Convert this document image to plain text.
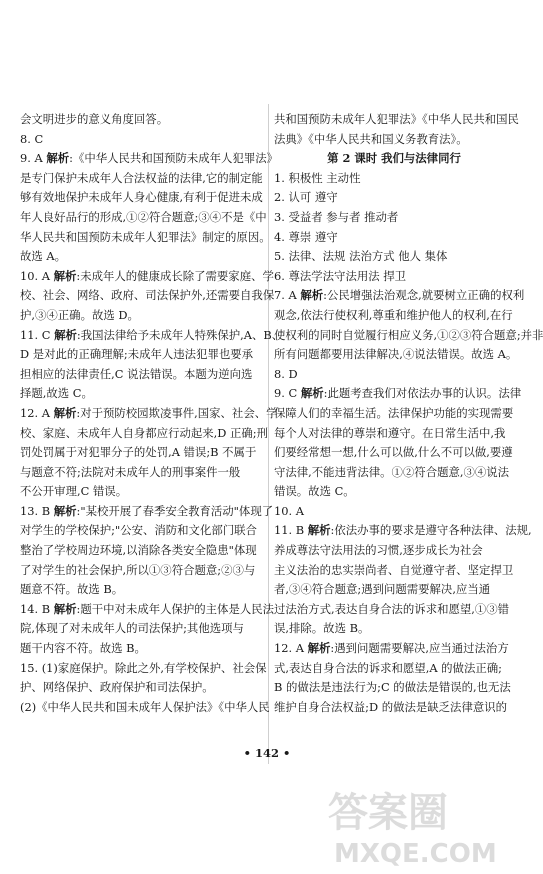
会文明进步的意义角度回答。
8. C
9. A 解析:《中华人民共和国预防未成年人犯罪法》
是专门保护未成年人合法权益的法律,它的制定能
够有效地保护未成年人身心健康,有利于促进未成
年人良好品行的形成,①②符合题意;③④不是《中
华人民共和国预防未成年人犯罪法》制定的原因。
故选 A。
10. A 解析:未成年人的健康成长除了需要家庭、学
校、社会、网络、政府、司法保护外,还需要自我保
护,③④正确。故选 D。
11. C 解析:我国法律给予未成年人特殊保护,A、B、
D 是对此的正确理解;未成年人违法犯罪也要承
担相应的法律责任,C 说法错误。本题为逆向选
择题,故选 C。
12. A 解析:对于预防校园欺凌事件,国家、社会、学
校、家庭、未成年人自身都应行动起来,D 正确;刑
罚处罚属于对犯罪分子的处罚,A 错误;B 不属于
与题意不符;法院对未成年人的刑事案件一般
不公开审理,C 错误。
13. B 解析:"某校开展了春季安全教育活动"体现了
对学生的学校保护;"公安、消防和文化部门联合
整治了学校周边环境,以消除各类安全隐患"体现
了对学生的社会保护,所以①③符合题意;②③与
题意不符。故选 B。
14. B 解析:题干中对未成年人保护的主体是人民法
院,体现了对未成年人的司法保护;其他选项与
题干内容不符。故选 B。
15. (1)家庭保护。除此之外,有学校保护、社会保
护、网络保护、政府保护和司法保护。
(2)《中华人民共和国未成年人保护法》《中华人民
共和国预防未成年人犯罪法》《中华人民共和国民
法典》《中华人民共和国义务教育法》。
第 2 课时 我们与法律同行
1. 积极性 主动性
2. 认可 遵守
3. 受益者 参与者 推动者
4. 尊崇 遵守
5. 法律、法规 法治方式 他人 集体
6. 尊法学法守法用法 捍卫
7. A 解析:公民增强法治观念,就要树立正确的权利
观念,依法行使权利,尊重和维护他人的权利,在行
使权利的同时自觉履行相应义务,①②③符合题意;并非
所有问题都要用法律解决,④说法错误。故选 A。
8. D
9. C 解析:此题考查我们对依法办事的认识。法律
保障人们的幸福生活。法律保护功能的实现需要
每个人对法律的尊崇和遵守。在日常生活中,我
们要经常想一想,什么可以做,什么不可以做,要遵
守法律,不能违背法律。①②符合题意,③④说法
错误。故选 C。
10. A
11. B 解析:依法办事的要求是遵守各种法律、法规,
养成尊法守法用法的习惯,逐步成长为社会
主义法治的忠实崇尚者、自觉遵守者、坚定捍卫
者,③④符合题意;遇到问题需要解决,应当通
过法治方式,表达自身合法的诉求和愿望,①③错
误,排除。故选 B。
12. A 解析:遇到问题需要解决,应当通过法治方
式,表达自身合法的诉求和愿望,A 的做法正确;
B 的做法是违法行为;C 的做法是错误的,也无法
维护自身合法权益;D 的做法是缺乏法律意识的
• 142 •
答案圈
MXQE.COM
